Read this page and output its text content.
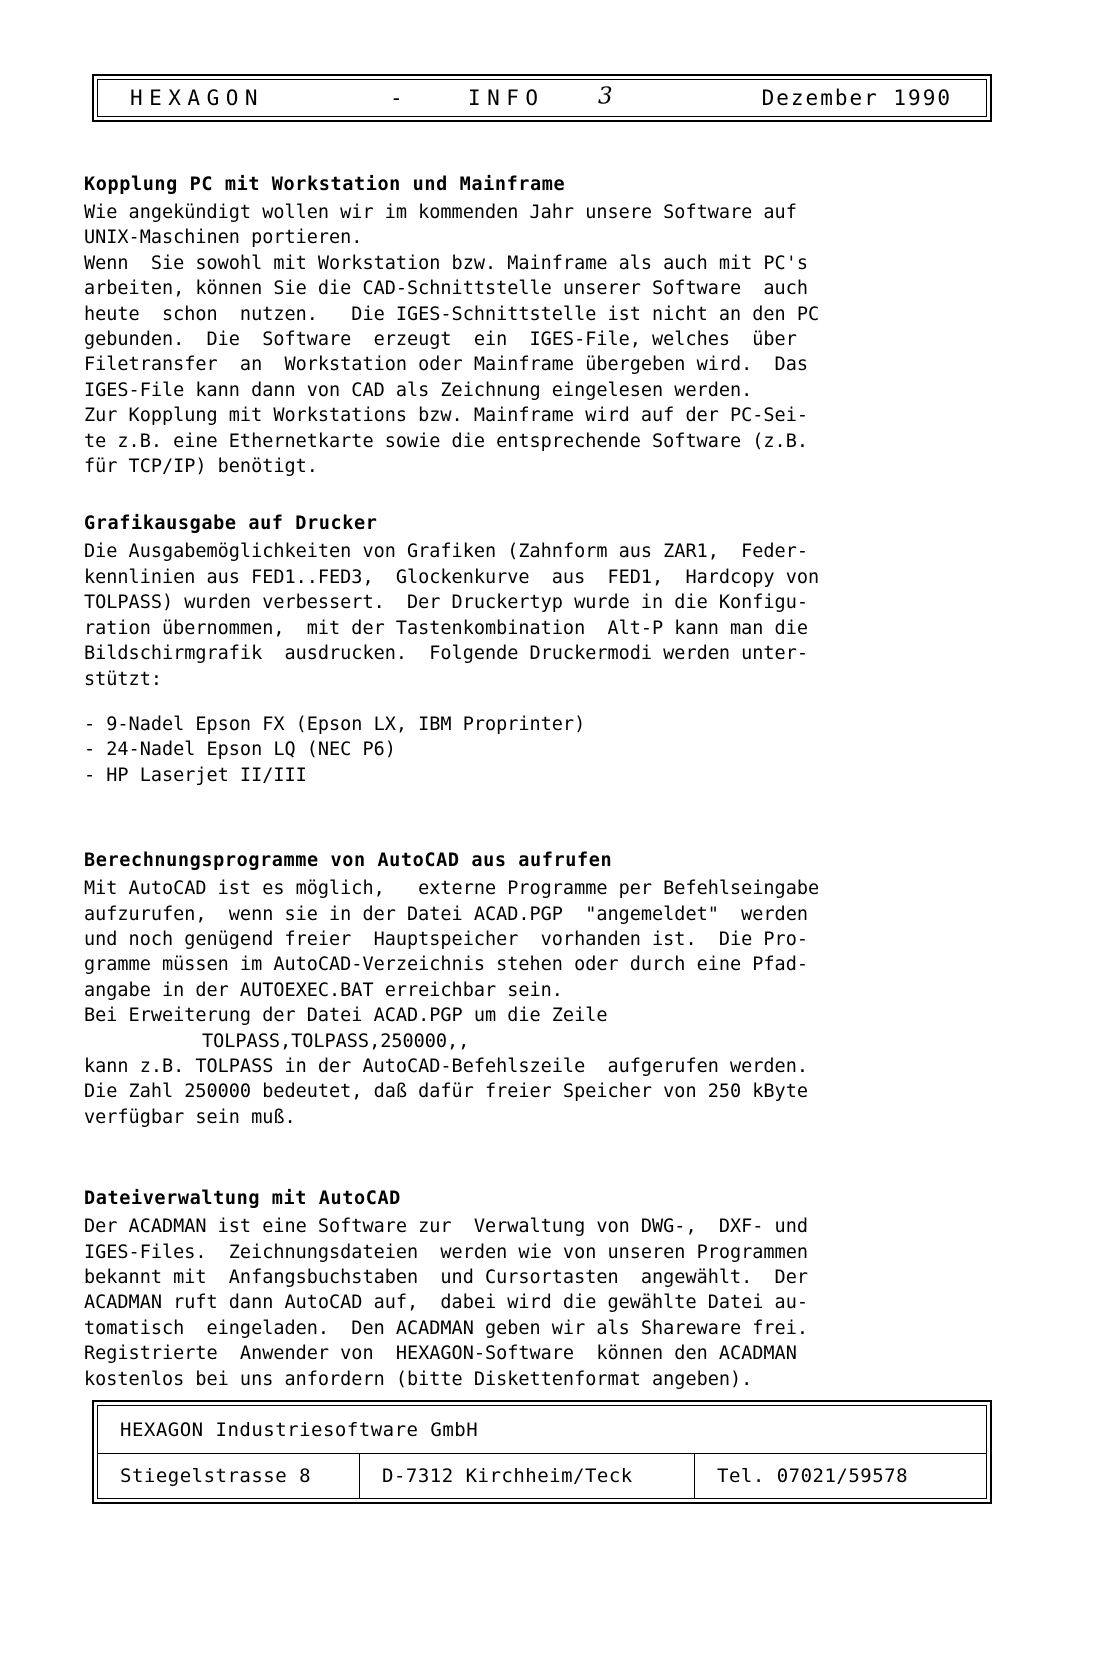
HEXAGON	-	INFO 3	Dezember 1990
Kopplung PC mit Workstation und Mainframe

Wie angekündigt wollen wir im kommenden Jahr unsere Software auf

UNIX-Maschinen portieren.

Wenn  Sie sowohl mit Workstation bzw. Mainframe als auch mit PC's

arbeiten, können Sie die CAD-Schnittstelle unserer Software  auch

heute  schon  nutzen.   Die IGES-Schnittstelle ist nicht an den PC

gebunden.  Die  Software  erzeugt  ein  IGES-File, welches  über

Filetransfer  an  Workstation oder Mainframe übergeben wird.  Das

IGES-File kann dann von CAD als Zeichnung eingelesen werden.

Zur Kopplung mit Workstations bzw. Mainframe wird auf der PC-Sei-

te z.B. eine Ethernetkarte sowie die entsprechende Software (z.B.

für TCP/IP) benötigt.

Grafikausgabe auf Drucker

Die Ausgabemöglichkeiten von Grafiken (Zahnform aus ZAR1,  Feder-

kennlinien aus FED1..FED3,  Glockenkurve  aus  FED1,  Hardcopy von

TOLPASS) wurden verbessert.  Der Druckertyp wurde in die Konfigu-

ration übernommen,  mit der Tastenkombination  Alt-P kann man die

Bildschirmgrafik  ausdrucken.  Folgende Druckermodi werden unter-

stützt:

- 9-Nadel Epson FX (Epson LX, IBM Proprinter)

- 24-Nadel Epson LQ (NEC P6)

- HP Laserjet II/III

Berechnungsprogramme von AutoCAD aus aufrufen

Mit AutoCAD ist es möglich,   externe Programme per Befehlseingabe

aufzurufen,  wenn sie in der Datei ACAD.PGP  "angemeldet"  werden

und noch genügend freier  Hauptspeicher  vorhanden ist.  Die Pro-

gramme müssen im AutoCAD-Verzeichnis stehen oder durch eine Pfad-

angabe in der AUTOEXEC.BAT erreichbar sein.

Bei Erweiterung der Datei ACAD.PGP um die Zeile

TOLPASS,TOLPASS,250000,,

kann z.B. TOLPASS in der AutoCAD-Befehlszeile  aufgerufen werden.

Die Zahl 250000 bedeutet, daß dafür freier Speicher von 250 kByte

verfügbar sein muß.

Dateiverwaltung mit AutoCAD

Der ACADMAN ist eine Software zur  Verwaltung von DWG-,  DXF- und

IGES-Files.  Zeichnungsdateien  werden wie von unseren Programmen

bekannt mit  Anfangsbuchstaben  und Cursortasten  angewählt.  Der

ACADMAN ruft dann AutoCAD auf,  dabei wird die gewählte Datei au-

tomatisch  eingeladen.  Den ACADMAN geben wir als Shareware frei.

Registrierte  Anwender von  HEXAGON-Software  können den ACADMAN

kostenlos bei uns anfordern (bitte Diskettenformat angeben).

HEXAGON Industriesoftware GmbH
Stiegelstrasse 8	D-7312 Kirchheim/Teck	Tel. 07021/59578
